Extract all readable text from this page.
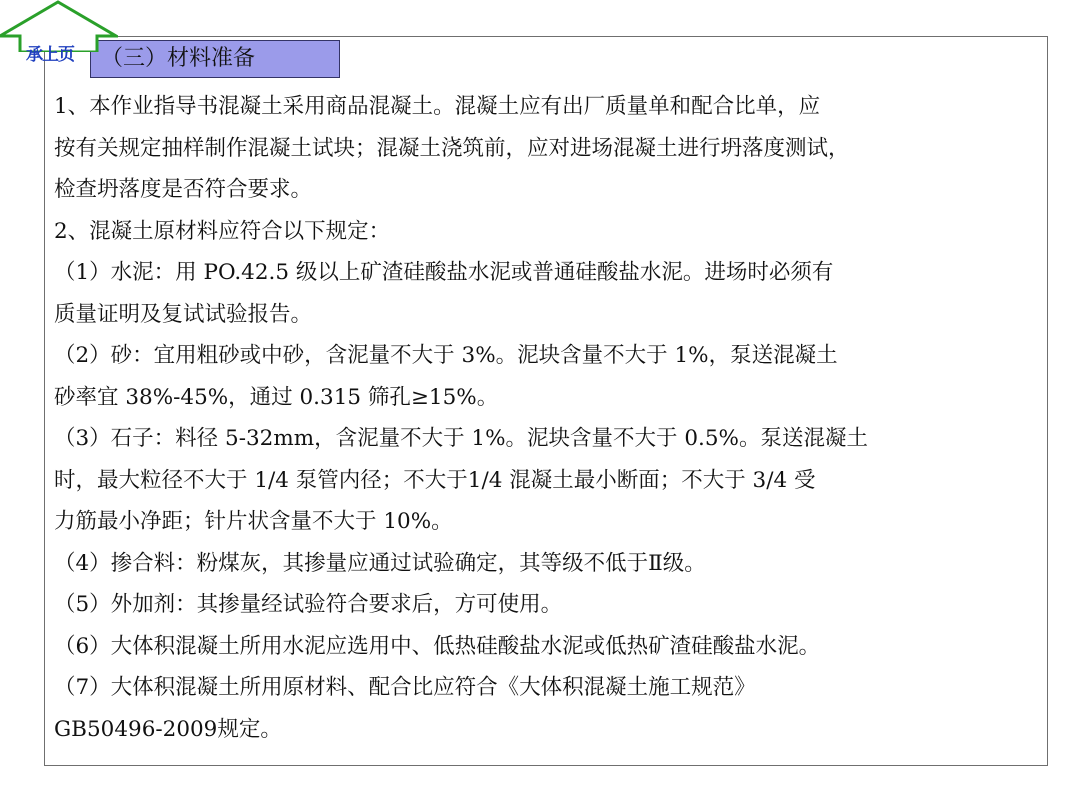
（三）材料准备
承上页
1、本作业指导书混凝土采用商品混凝土。混凝土应有出厂质量单和配合比单，应
按有关规定抽样制作混凝土试块；混凝土浇筑前，应对进场混凝土进行坍落度测试，
检查坍落度是否符合要求。
2、混凝土原材料应符合以下规定：
（1）水泥：用 PO.42.5 级以上矿渣硅酸盐水泥或普通硅酸盐水泥。进场时必须有
质量证明及复试试验报告。
（2）砂：宜用粗砂或中砂，含泥量不大于 3%。泥块含量不大于 1%，泵送混凝土
砂率宜 38%-45%，通过 0.315 筛孔≥15%。
（3）石子：料径 5-32mm，含泥量不大于 1%。泥块含量不大于 0.5%。泵送混凝土
时，最大粒径不大于 1/4 泵管内径；不大于1/4 混凝土最小断面；不大于 3/4 受
力筋最小净距；针片状含量不大于 10%。
（4）掺合料：粉煤灰，其掺量应通过试验确定，其等级不低于Ⅱ级。
（5）外加剂：其掺量经试验符合要求后，方可使用。
（6）大体积混凝土所用水泥应选用中、低热硅酸盐水泥或低热矿渣硅酸盐水泥。
（7）大体积混凝土所用原材料、配合比应符合《大体积混凝土施工规范》
GB50496-2009规定。
